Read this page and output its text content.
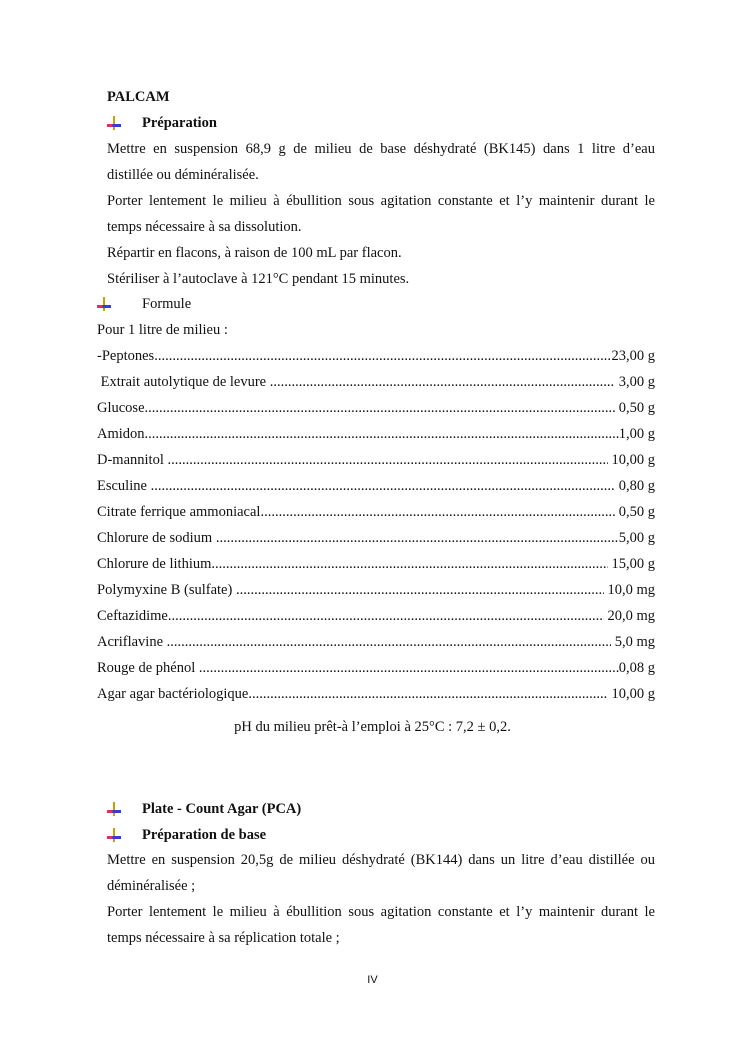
PALCAM
Préparation
Mettre en suspension 68,9 g de milieu de base déshydraté (BK145) dans 1 litre d’eau
distillée ou déminéralisée.
Porter lentement le milieu à ébullition sous agitation constante et l’y maintenir durant le
temps nécessaire à sa dissolution.
Répartir en flacons, à raison de 100 mL par flacon.
Stériliser à l’autoclave à 121°C pendant 15 minutes.
Formule
Pour 1 litre de milieu :
-Peptones .....	23,00 g
Extrait autolytique de levure .....	3,00 g
Glucose .....	0,50 g
Amidon .....	1,00 g
D-mannitol .....	10,00 g
Esculine .....	0,80 g
Citrate ferrique ammoniacal .....	0,50 g
Chlorure de sodium .....	5,00 g
Chlorure de lithium .....	15,00 g
Polymyxine B (sulfate) .....	10,0 mg
Ceftazidime .....	20,0 mg
Acriflavine .....	5,0 mg
Rouge de phénol .....	0,08 g
Agar agar bactériologique .....	10,00 g
pH du milieu prêt-à l’emploi à 25°C : 7,2 ± 0,2.
Plate - Count Agar (PCA)
Préparation de base
Mettre en suspension 20,5g de milieu déshydraté (BK144) dans un litre d’eau distillée ou
déminéralisée ;
Porter lentement le milieu à ébullition sous agitation constante et l’y maintenir durant le
temps nécessaire à sa réplication totale ;
IV
